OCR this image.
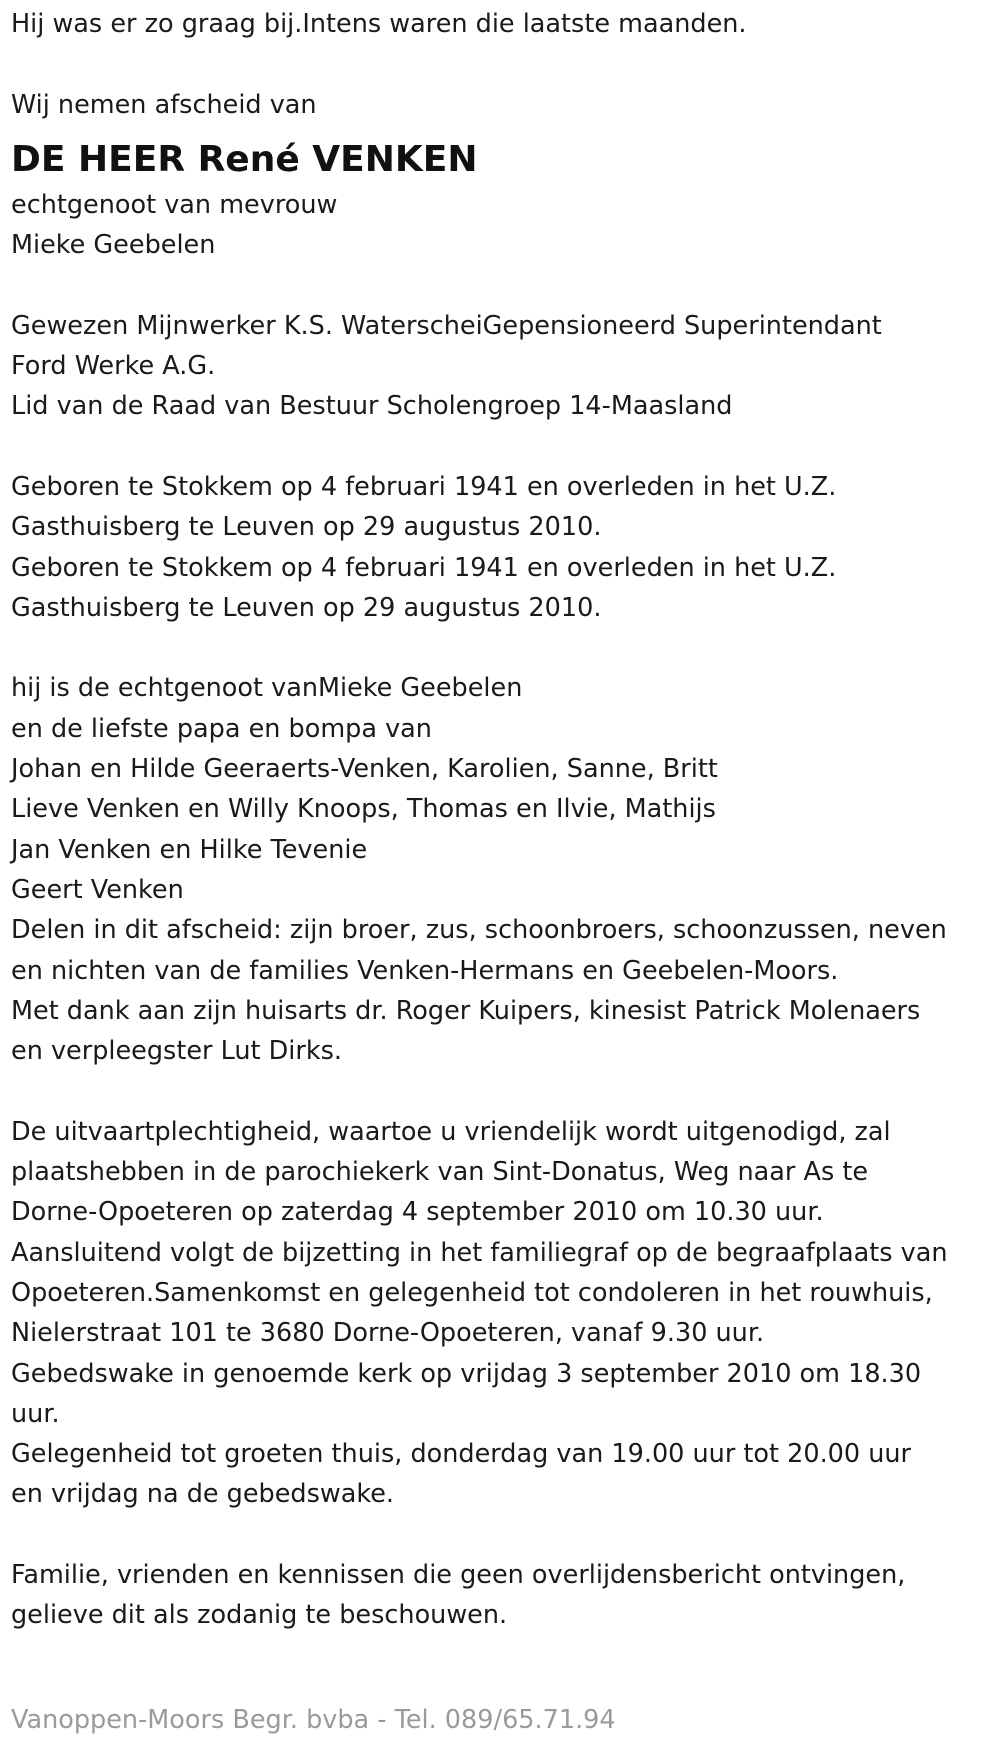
Hij was er zo graag bij.Intens waren die laatste maanden.
Wij nemen afscheid van
DE HEER René VENKEN
echtgenoot van mevrouw
Mieke Geebelen
Gewezen Mijnwerker K.S. WaterscheiGepensioneerd Superintendant
Ford Werke A.G.
Lid van de Raad van Bestuur Scholengroep 14-Maasland
Geboren te Stokkem op 4 februari 1941 en overleden in het U.Z.
Gasthuisberg te Leuven op 29 augustus 2010.
Geboren te Stokkem op 4 februari 1941 en overleden in het U.Z.
Gasthuisberg te Leuven op 29 augustus 2010.
hij is de echtgenoot vanMieke Geebelen
en de liefste papa en bompa van
Johan en Hilde Geeraerts-Venken, Karolien, Sanne, Britt
Lieve Venken en Willy Knoops, Thomas en Ilvie, Mathijs
Jan Venken en Hilke Tevenie
Geert Venken
Delen in dit afscheid: zijn broer, zus, schoonbroers, schoonzussen, neven
en nichten van de families Venken-Hermans en Geebelen-Moors.
Met dank aan zijn huisarts dr. Roger Kuipers, kinesist Patrick Molenaers
en verpleegster Lut Dirks.
De uitvaartplechtigheid, waartoe u vriendelijk wordt uitgenodigd, zal
plaatshebben in de parochiekerk van Sint-Donatus, Weg naar As te
Dorne-Opoeteren op zaterdag 4 september 2010 om 10.30 uur.
Aansluitend volgt de bijzetting in het familiegraf op de begraafplaats van
Opoeteren.Samenkomst en gelegenheid tot condoleren in het rouwhuis,
Nielerstraat 101 te 3680 Dorne-Opoeteren, vanaf 9.30 uur.
Gebedswake in genoemde kerk op vrijdag 3 september 2010 om 18.30
uur.
Gelegenheid tot groeten thuis, donderdag van 19.00 uur tot 20.00 uur
en vrijdag na de gebedswake.
Familie, vrienden en kennissen die geen overlijdensbericht ontvingen,
gelieve dit als zodanig te beschouwen.
Vanoppen-Moors Begr. bvba - Tel. 089/65.71.94
